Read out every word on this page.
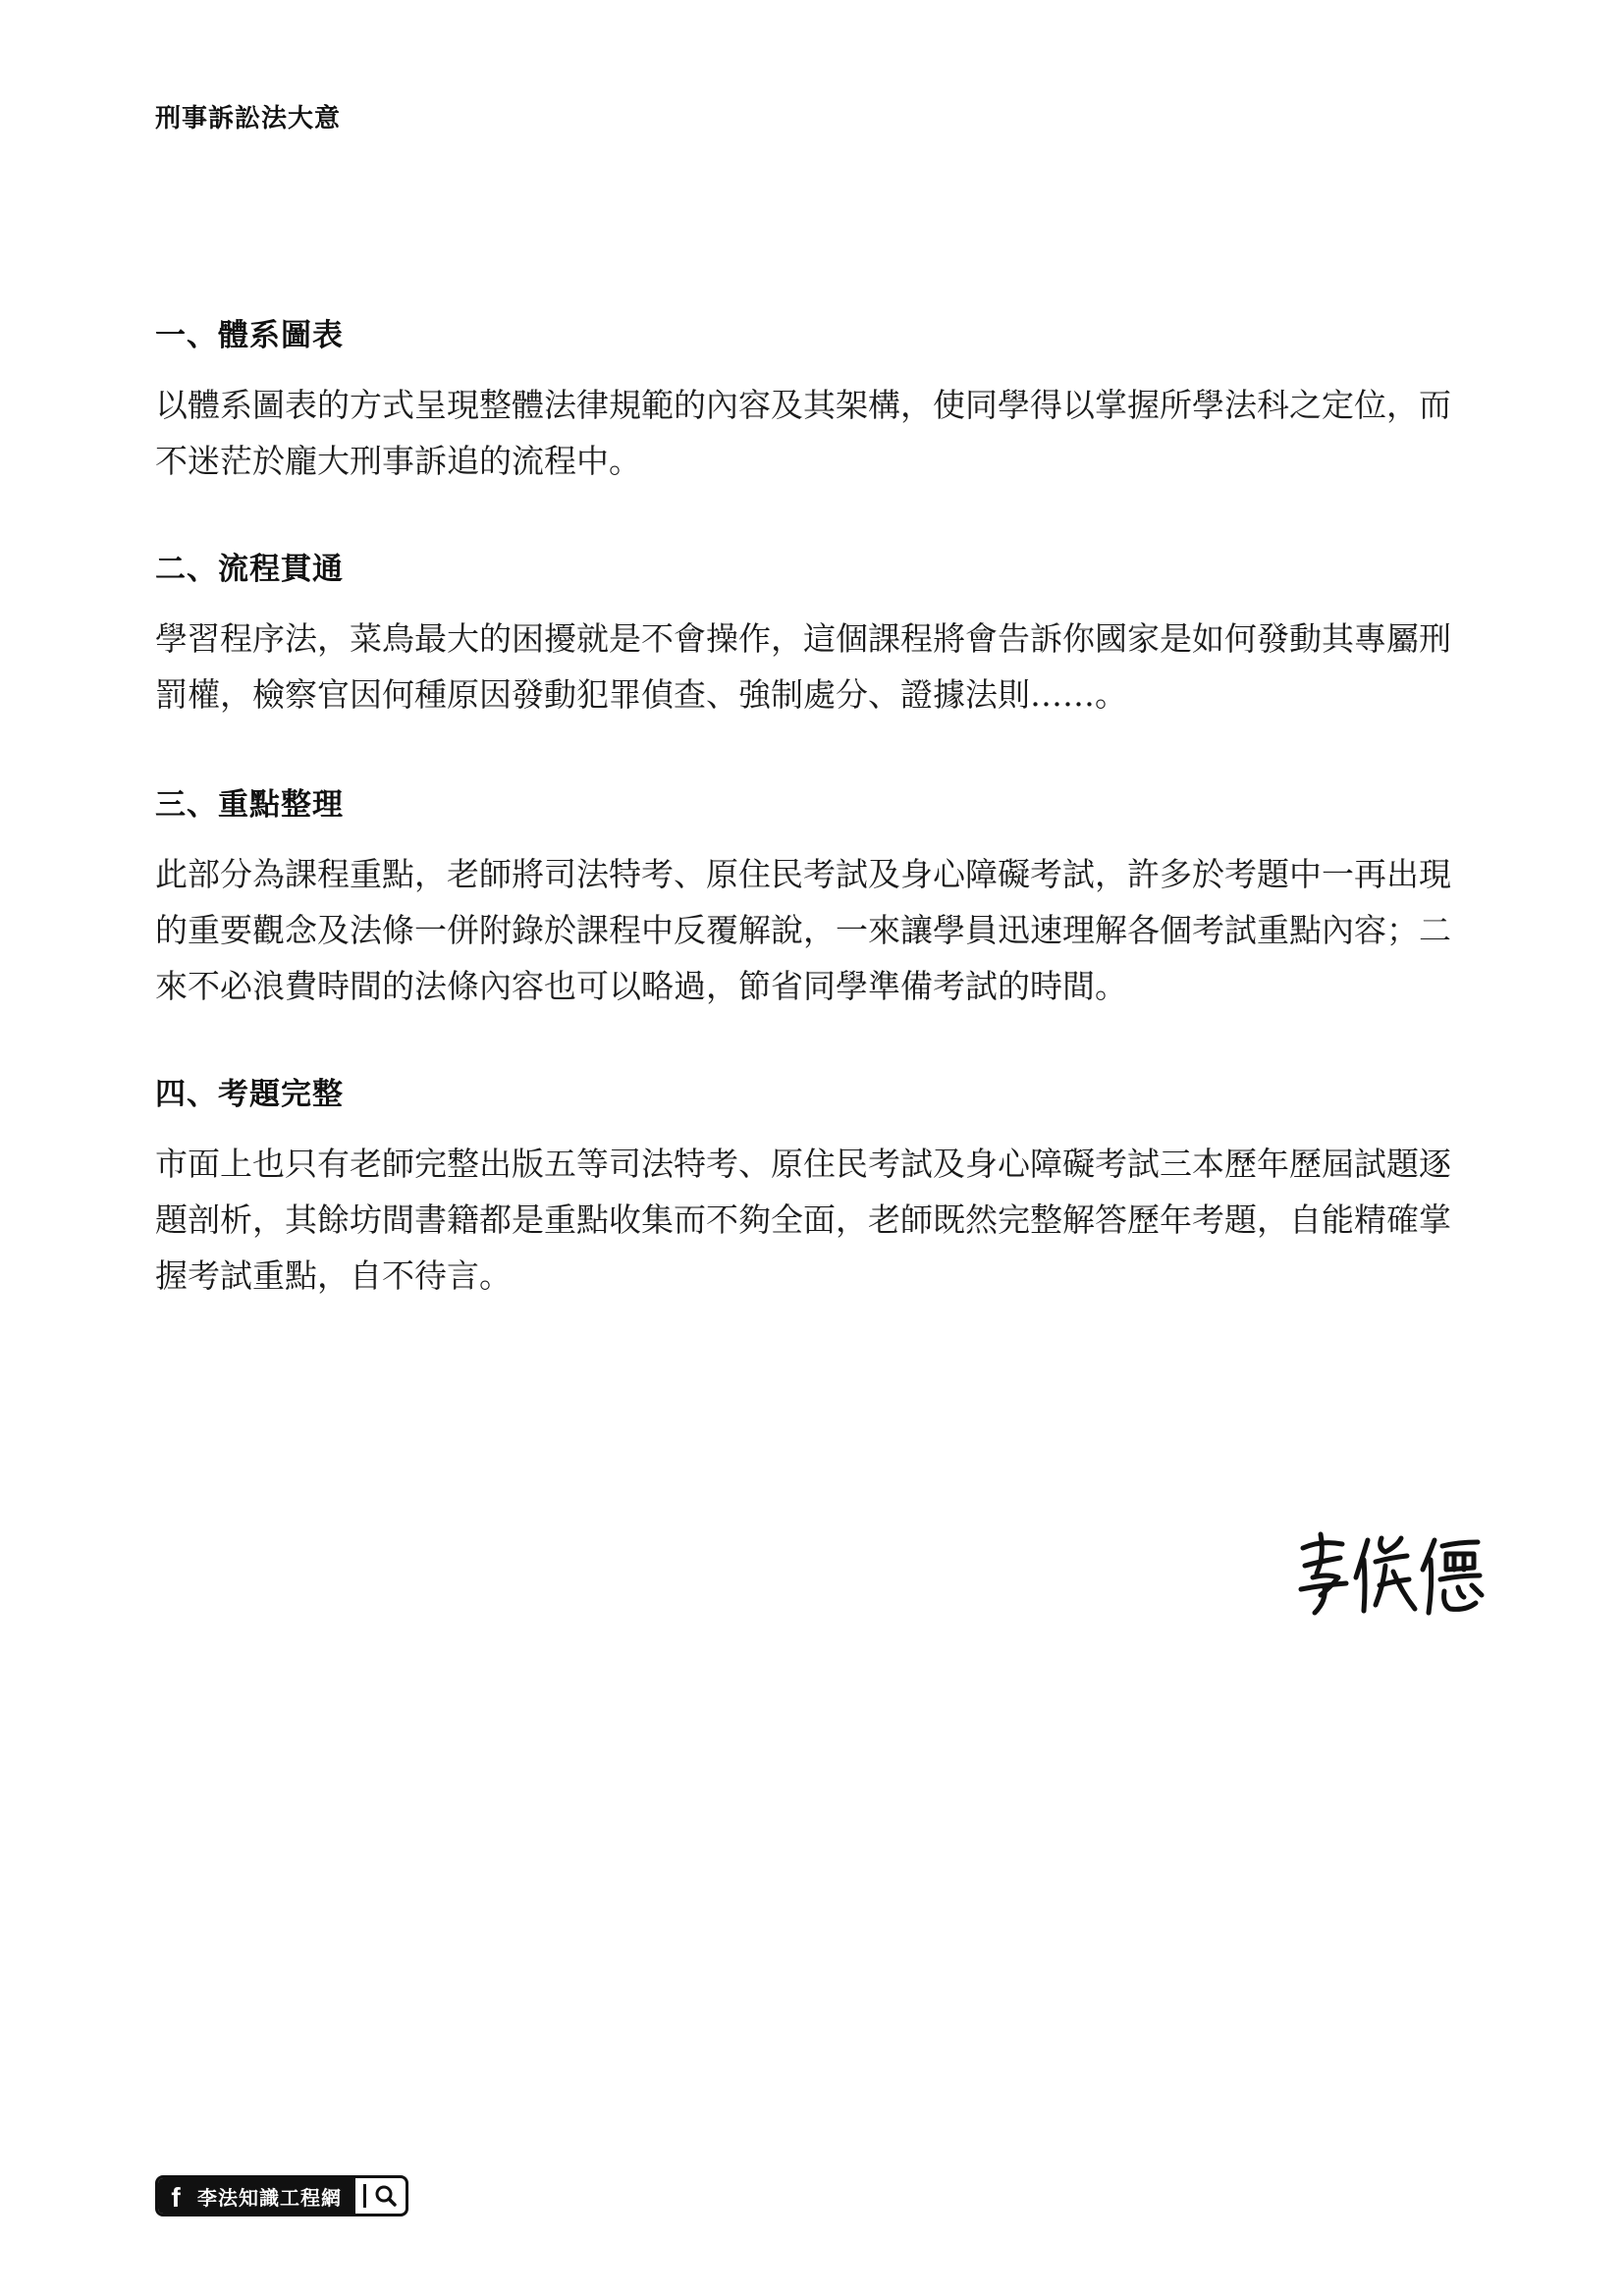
刑事訴訟法大意
一、體系圖表

以體系圖表的方式呈現整體法律規範的內容及其架構，使同學得以掌握所學法科之定位，而
不迷茫於龐大刑事訴追的流程中。

二、流程貫通

學習程序法，菜鳥最大的困擾就是不會操作，這個課程將會告訴你國家是如何發動其專屬刑
罰權，檢察官因何種原因發動犯罪偵查、強制處分、證據法則……。

三、重點整理

此部分為課程重點，老師將司法特考、原住民考試及身心障礙考試，許多於考題中一再出現
的重要觀念及法條一併附錄於課程中反覆解說，一來讓學員迅速理解各個考試重點內容；二
來不必浪費時間的法條內容也可以略過，節省同學準備考試的時間。

四、考題完整

市面上也只有老師完整出版五等司法特考、原住民考試及身心障礙考試三本歷年歷屆試題逐
題剖析，其餘坊間書籍都是重點收集而不夠全面，老師既然完整解答歷年考題，自能精確掌
握考試重點，自不待言。

f 李法知識工程網
